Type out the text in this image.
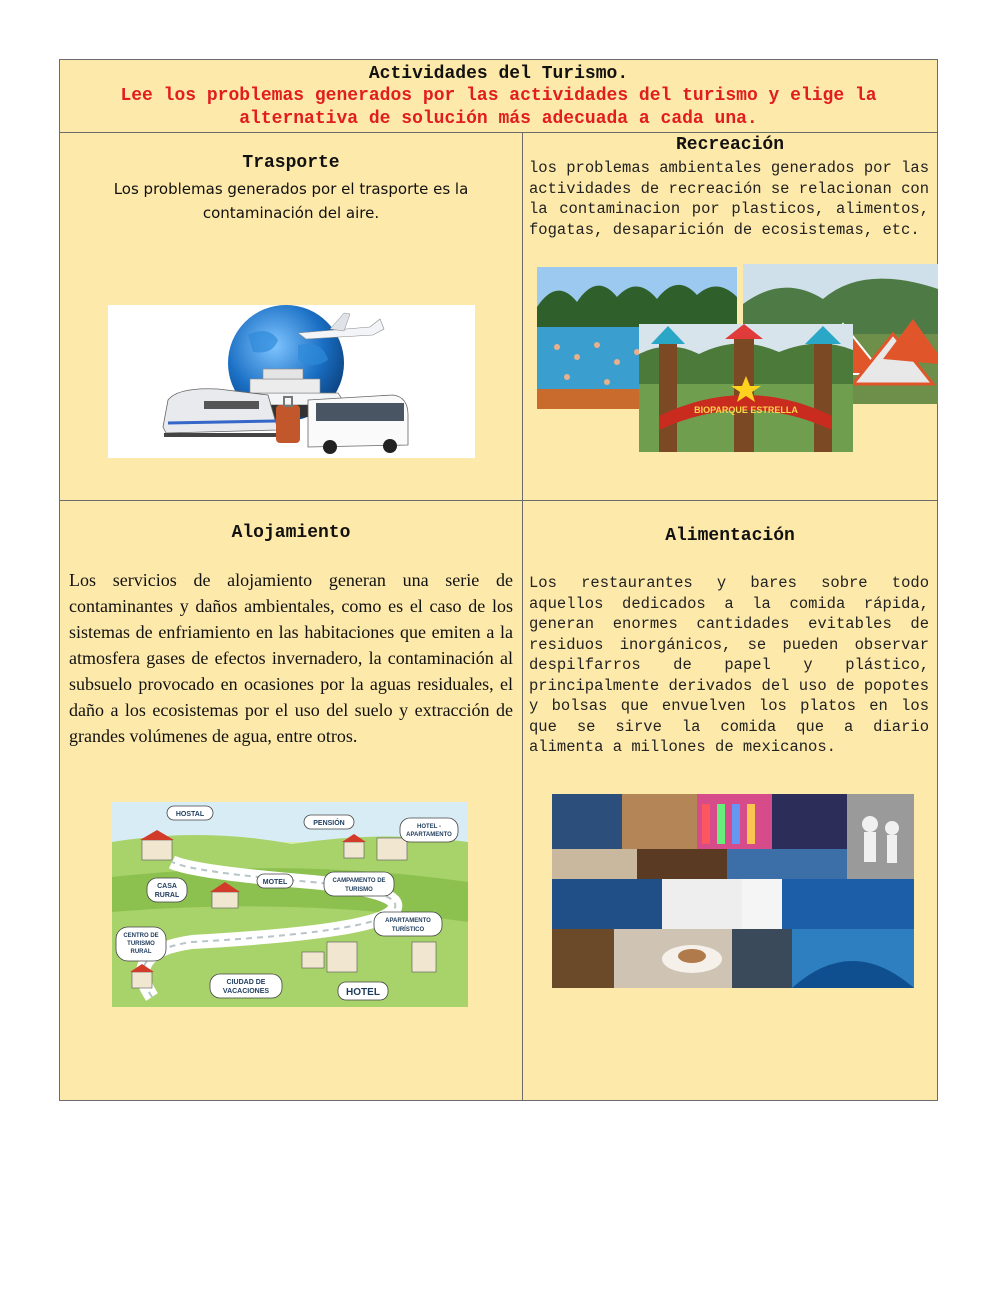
Actividades del Turismo.
Lee los problemas generados por las actividades del turismo y elige la alternativa de solución más adecuada a cada una.
Trasporte
Los problemas generados por el trasporte es la contaminación del aire.
Recreación
los problemas ambientales generados por las actividades de recreación se relacionan con la contaminacion por plasticos, alimentos, fogatas, desaparición de ecosistemas, etc.
BIOPARQUE ESTRELLA
Alojamiento
Los servicios de alojamiento generan una serie de contaminantes y daños ambientales, como es el caso de los sistemas de enfriamiento en las habitaciones que emiten a la atmosfera gases de efectos invernadero, la contaminación al subsuelo provocado en ocasiones por la aguas residuales, el daño a los ecosistemas por el uso del suelo y extracción de grandes volúmenes de agua, entre otros.
HOSTAL
PENSIÓN	HOTEL -
APARTAMENTO
CASA
RURAL
MOTEL	CAMPAMENTO DE
TURISMO
APARTAMENTO
TURÍSTICO
CENTRO DE
TURISMO
RURAL
CIUDAD DE
VACACIONES	HOTEL
Alimentación
Los restaurantes y bares sobre todo aquellos dedicados a la comida rápida, generan enormes cantidades evitables de residuos inorgánicos, se pueden observar despilfarros de papel y plástico, principalmente derivados del uso de popotes y bolsas que envuelven los platos en los que se sirve la comida que a diario alimenta a millones de mexicanos.
